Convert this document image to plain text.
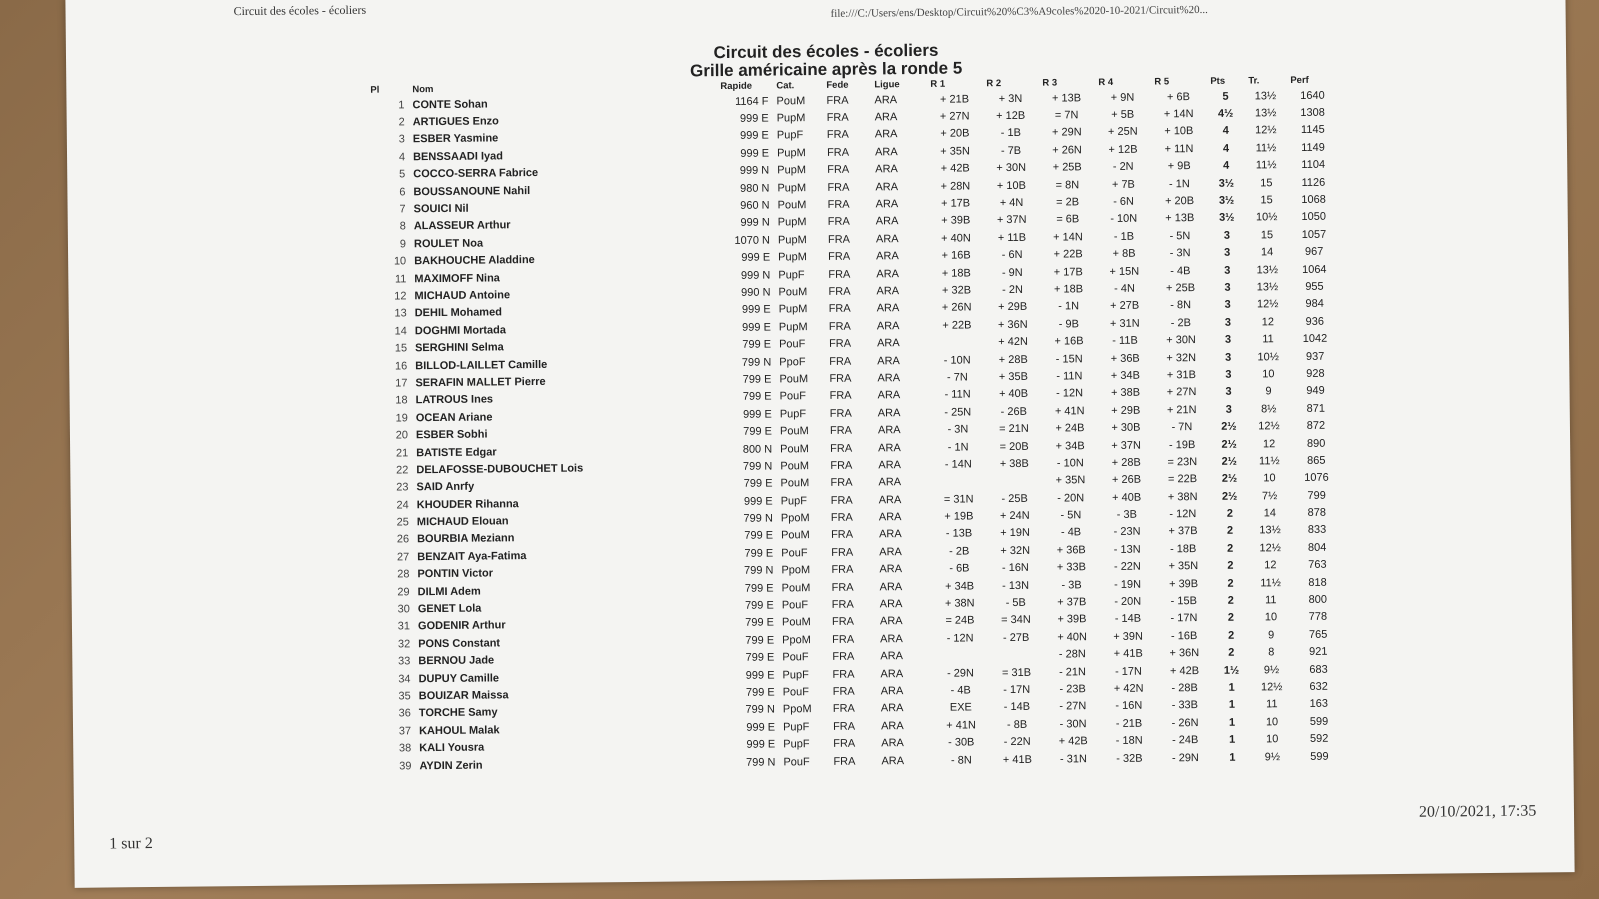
Circuit des écoles - écoliers	file:///C:/Users/ens/Desktop/Circuit%20%C3%A9coles%2020-10-2021/Circuit%20...
Circuit des écoles - écoliers
Grille américaine après la ronde 5
Pl	Nom	Rapide	Cat.	Fede	Ligue	R 1	R 2	R 3	R 4	R 5	Pts	Tr.	Perf
1	CONTE Sohan	1164 F	PouM	FRA	ARA	+ 21B	+ 3N	+ 13B	+ 9N	+ 6B	5	13½	1640
2	ARTIGUES Enzo	999 E	PupM	FRA	ARA	+ 27N	+ 12B	= 7N	+ 5B	+ 14N	4½	13½	1308
3	ESBER Yasmine	999 E	PupF	FRA	ARA	+ 20B	- 1B	+ 29N	+ 25N	+ 10B	4	12½	1145
4	BENSSAADI Iyad	999 E	PupM	FRA	ARA	+ 35N	- 7B	+ 26N	+ 12B	+ 11N	4	11½	1149
5	COCCO-SERRA Fabrice	999 N	PupM	FRA	ARA	+ 42B	+ 30N	+ 25B	- 2N	+ 9B	4	11½	1104
6	BOUSSANOUNE Nahil	980 N	PupM	FRA	ARA	+ 28N	+ 10B	= 8N	+ 7B	- 1N	3½	15	1126
7	SOUICI Nil	960 N	PouM	FRA	ARA	+ 17B	+ 4N	= 2B	- 6N	+ 20B	3½	15	1068
8	ALASSEUR Arthur	999 N	PupM	FRA	ARA	+ 39B	+ 37N	= 6B	- 10N	+ 13B	3½	10½	1050
9	ROULET Noa	1070 N	PupM	FRA	ARA	+ 40N	+ 11B	+ 14N	- 1B	- 5N	3	15	1057
10	BAKHOUCHE Aladdine	999 E	PupM	FRA	ARA	+ 16B	- 6N	+ 22B	+ 8B	- 3N	3	14	967
11	MAXIMOFF Nina	999 N	PupF	FRA	ARA	+ 18B	- 9N	+ 17B	+ 15N	- 4B	3	13½	1064
12	MICHAUD Antoine	990 N	PouM	FRA	ARA	+ 32B	- 2N	+ 18B	- 4N	+ 25B	3	13½	955
13	DEHIL Mohamed	999 E	PupM	FRA	ARA	+ 26N	+ 29B	- 1N	+ 27B	- 8N	3	12½	984
14	DOGHMI Mortada	999 E	PupM	FRA	ARA	+ 22B	+ 36N	- 9B	+ 31N	- 2B	3	12	936
15	SERGHINI Selma	799 E	PouF	FRA	ARA		+ 42N	+ 16B	- 11B	+ 30N	3	11	1042
16	BILLOD-LAILLET Camille	799 N	PpoF	FRA	ARA	- 10N	+ 28B	- 15N	+ 36B	+ 32N	3	10½	937
17	SERAFIN MALLET Pierre	799 E	PouM	FRA	ARA	- 7N	+ 35B	- 11N	+ 34B	+ 31B	3	10	928
18	LATROUS Ines	799 E	PouF	FRA	ARA	- 11N	+ 40B	- 12N	+ 38B	+ 27N	3	9	949
19	OCEAN Ariane	999 E	PupF	FRA	ARA	- 25N	- 26B	+ 41N	+ 29B	+ 21N	3	8½	871
20	ESBER Sobhi	799 E	PouM	FRA	ARA	- 3N	= 21N	+ 24B	+ 30B	- 7N	2½	12½	872
21	BATISTE Edgar	800 N	PouM	FRA	ARA	- 1N	= 20B	+ 34B	+ 37N	- 19B	2½	12	890
22	DELAFOSSE-DUBOUCHET Lois	799 N	PouM	FRA	ARA	- 14N	+ 38B	- 10N	+ 28B	= 23N	2½	11½	865
23	SAID Anrfy	799 E	PouM	FRA	ARA			+ 35N	+ 26B	= 22B	2½	10	1076
24	KHOUDER Rihanna	999 E	PupF	FRA	ARA	= 31N	- 25B	- 20N	+ 40B	+ 38N	2½	7½	799
25	MICHAUD Elouan	799 N	PpoM	FRA	ARA	+ 19B	+ 24N	- 5N	- 3B	- 12N	2	14	878
26	BOURBIA Meziann	799 E	PouM	FRA	ARA	- 13B	+ 19N	- 4B	- 23N	+ 37B	2	13½	833
27	BENZAIT Aya-Fatima	799 E	PouF	FRA	ARA	- 2B	+ 32N	+ 36B	- 13N	- 18B	2	12½	804
28	PONTIN Victor	799 N	PpoM	FRA	ARA	- 6B	- 16N	+ 33B	- 22N	+ 35N	2	12	763
29	DILMI Adem	799 E	PouM	FRA	ARA	+ 34B	- 13N	- 3B	- 19N	+ 39B	2	11½	818
30	GENET Lola	799 E	PouF	FRA	ARA	+ 38N	- 5B	+ 37B	- 20N	- 15B	2	11	800
31	GODENIR Arthur	799 E	PouM	FRA	ARA	= 24B	= 34N	+ 39B	- 14B	- 17N	2	10	778
32	PONS Constant	799 E	PpoM	FRA	ARA	- 12N	- 27B	+ 40N	+ 39N	- 16B	2	9	765
33	BERNOU Jade	799 E	PouF	FRA	ARA			- 28N	+ 41B	+ 36N	2	8	921
34	DUPUY Camille	999 E	PupF	FRA	ARA	- 29N	= 31B	- 21N	- 17N	+ 42B	1½	9½	683
35	BOUIZAR Maissa	799 E	PouF	FRA	ARA	- 4B	- 17N	- 23B	+ 42N	- 28B	1	12½	632
36	TORCHE Samy	799 N	PpoM	FRA	ARA	EXE	- 14B	- 27N	- 16N	- 33B	1	11	163
37	KAHOUL Malak	999 E	PupF	FRA	ARA	+ 41N	- 8B	- 30N	- 21B	- 26N	1	10	599
38	KALI Yousra	999 E	PupF	FRA	ARA	- 30B	- 22N	+ 42B	- 18N	- 24B	1	10	592
39	AYDIN Zerin	799 N	PouF	FRA	ARA	- 8N	+ 41B	- 31N	- 32B	- 29N	1	9½	599
1 sur 2
20/10/2021, 17:35
